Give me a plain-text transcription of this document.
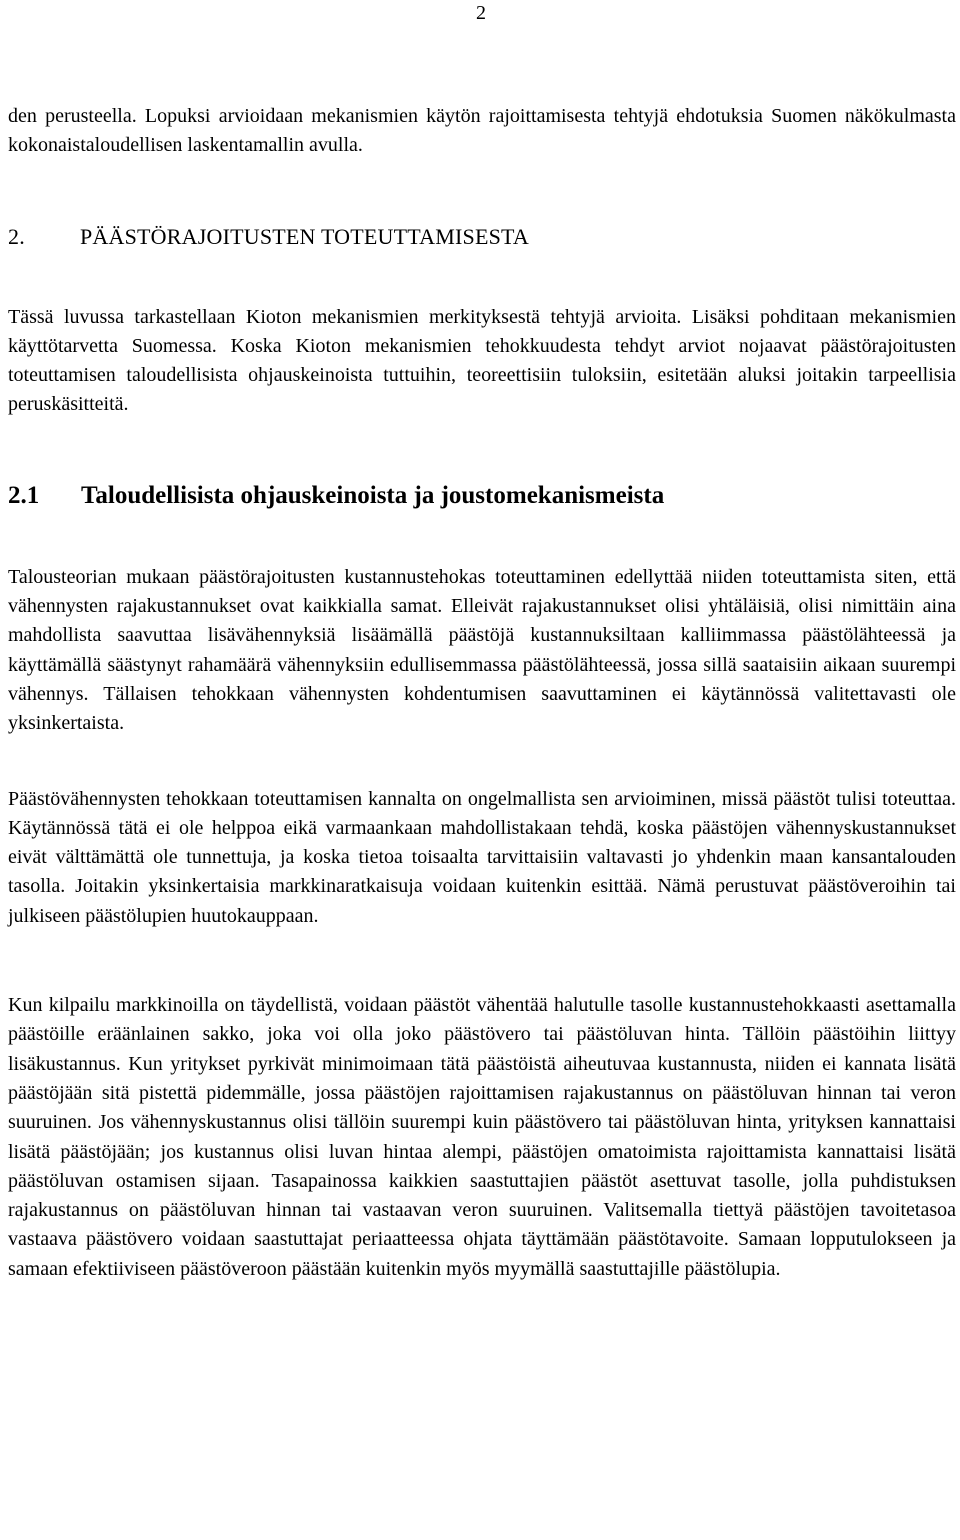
2

den perusteella. Lopuksi arvioidaan mekanismien käytön rajoittamisesta tehtyjä ehdotuksia Suomen näkökulmasta kokonaistaloudellisen laskentamallin avulla.

2.	PÄÄSTÖRAJOITUSTEN TOTEUTTAMISESTA

Tässä luvussa tarkastellaan Kioton mekanismien merkityksestä tehtyjä arvioita. Lisäksi pohditaan mekanismien käyttötarvetta Suomessa. Koska Kioton mekanismien tehokkuudesta tehdyt arviot nojaavat päästörajoitusten toteuttamisen taloudellisista ohjauskeinoista tuttuihin, teoreettisiin tuloksiin, esitetään aluksi joitakin tarpeellisia peruskäsitteitä.

2.1 Taloudellisista ohjauskeinoista ja joustomekanismeista

Talousteorian mukaan päästörajoitusten kustannustehokas toteuttaminen edellyttää niiden toteuttamista siten, että vähennysten rajakustannukset ovat kaikkialla samat. Elleivät rajakustannukset olisi yhtäläisiä, olisi nimittäin aina mahdollista saavuttaa lisävähennyksiä lisäämällä päästöjä kustannuksiltaan kalliimmassa päästölähteessä ja käyttämällä säästynyt rahamäärä vähennyksiin edullisemmassa päästölähteessä, jossa sillä saataisiin aikaan suurempi vähennys. Tällaisen tehokkaan vähennysten kohdentumisen saavuttaminen ei käytännössä valitettavasti ole yksinkertaista.

Päästövähennysten tehokkaan toteuttamisen kannalta on ongelmallista sen arvioiminen, missä päästöt tulisi toteuttaa. Käytännössä tätä ei ole helppoa eikä varmaankaan mahdollistakaan tehdä, koska päästöjen vähennyskustannukset eivät välttämättä ole tunnettuja, ja koska tietoa toisaalta tarvittaisiin valtavasti jo yhdenkin maan kansantalouden tasolla. Joitakin yksinkertaisia markkinaratkaisuja voidaan kuitenkin esittää. Nämä perustuvat päästöveroihin tai julkiseen päästölupien huutokauppaan.

Kun kilpailu markkinoilla on täydellistä, voidaan päästöt vähentää halutulle tasolle kustannustehokkaasti asettamalla päästöille eräänlainen sakko, joka voi olla joko päästövero tai päästöluvan hinta. Tällöin päästöihin liittyy lisäkustannus. Kun yritykset pyrkivät minimoimaan tätä päästöistä aiheutuvaa kustannusta, niiden ei kannata lisätä päästöjään sitä pistettä pidemmälle, jossa päästöjen rajoittamisen rajakustannus on päästöluvan hinnan tai veron suuruinen. Jos vähennyskustannus olisi tällöin suurempi kuin päästövero tai päästöluvan hinta, yrityksen kannattaisi lisätä päästöjään; jos kustannus olisi luvan hintaa alempi, päästöjen omatoimista rajoittamista kannattaisi lisätä päästöluvan ostamisen sijaan. Tasapainossa kaikkien saastuttajien päästöt asettuvat tasolle, jolla puhdistuksen rajakustannus on päästöluvan hinnan tai vastaavan veron suuruinen. Valitsemalla tiettyä päästöjen tavoitetasoa vastaava päästövero voidaan saastuttajat periaatteessa ohjata täyttämään päästötavoite. Samaan lopputulokseen ja samaan efektiiviseen päästöveroon päästään kuitenkin myös myymällä saastuttajille päästölupia.
